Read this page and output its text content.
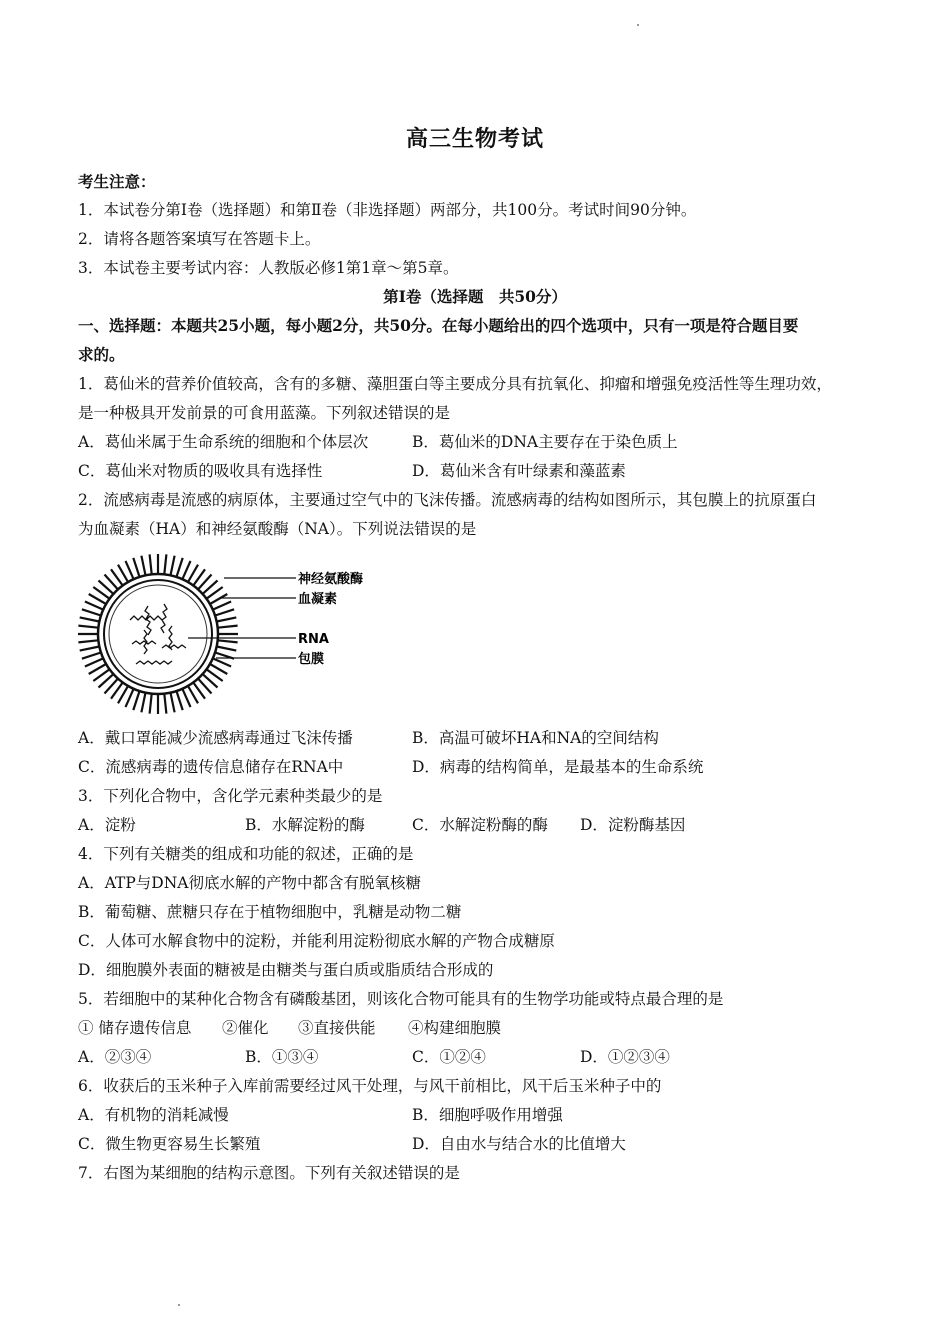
高三生物考试
考生注意：
1．本试卷分第Ⅰ卷（选择题）和第Ⅱ卷（非选择题）两部分，共100分。考试时间90分钟。
2．请将各题答案填写在答题卡上。
3．本试卷主要考试内容：人教版必修1第1章～第5章。
第Ⅰ卷（选择题　共50分）
一、选择题：本题共25小题，每小题2分，共50分。在每小题给出的四个选项中，只有一项是符合题目要
求的。
1．葛仙米的营养价值较高，含有的多糖、藻胆蛋白等主要成分具有抗氧化、抑瘤和增强免疫活性等生理功效，
是一种极具开发前景的可食用蓝藻。下列叙述错误的是
A．葛仙米属于生命系统的细胞和个体层次	B．葛仙米的DNA主要存在于染色质上
C．葛仙米对物质的吸收具有选择性	D．葛仙米含有叶绿素和藻蓝素
2．流感病毒是流感的病原体，主要通过空气中的飞沫传播。流感病毒的结构如图所示，其包膜上的抗原蛋白
为血凝素（HA）和神经氨酸酶（NA）。下列说法错误的是
神经氨酸酶
血凝素
RNA
包膜
A．戴口罩能减少流感病毒通过飞沫传播	B．高温可破坏HA和NA的空间结构
C．流感病毒的遗传信息储存在RNA中	D．病毒的结构简单，是最基本的生命系统
3．下列化合物中，含化学元素种类最少的是
A．淀粉	B．水解淀粉的酶	C．水解淀粉酶的酶 D．淀粉酶基因
4．下列有关糖类的组成和功能的叙述，正确的是
A．ATP与DNA彻底水解的产物中都含有脱氧核糖
B．葡萄糖、蔗糖只存在于植物细胞中，乳糖是动物二糖
C．人体可水解食物中的淀粉，并能利用淀粉彻底水解的产物合成糖原
D．细胞膜外表面的糖被是由糖类与蛋白质或脂质结合形成的
5．若细胞中的某种化合物含有磷酸基团，则该化合物可能具有的生物学功能或特点最合理的是
① 储存遗传信息 ②催化 ③直接供能 ④构建细胞膜
A．②③④	B．①③④	C．①②④	D．①②③④
6．收获后的玉米种子入库前需要经过风干处理，与风干前相比，风干后玉米种子中的
A．有机物的消耗减慢	B．细胞呼吸作用增强
C．微生物更容易生长繁殖	D．自由水与结合水的比值增大
7．右图为某细胞的结构示意图。下列有关叙述错误的是
